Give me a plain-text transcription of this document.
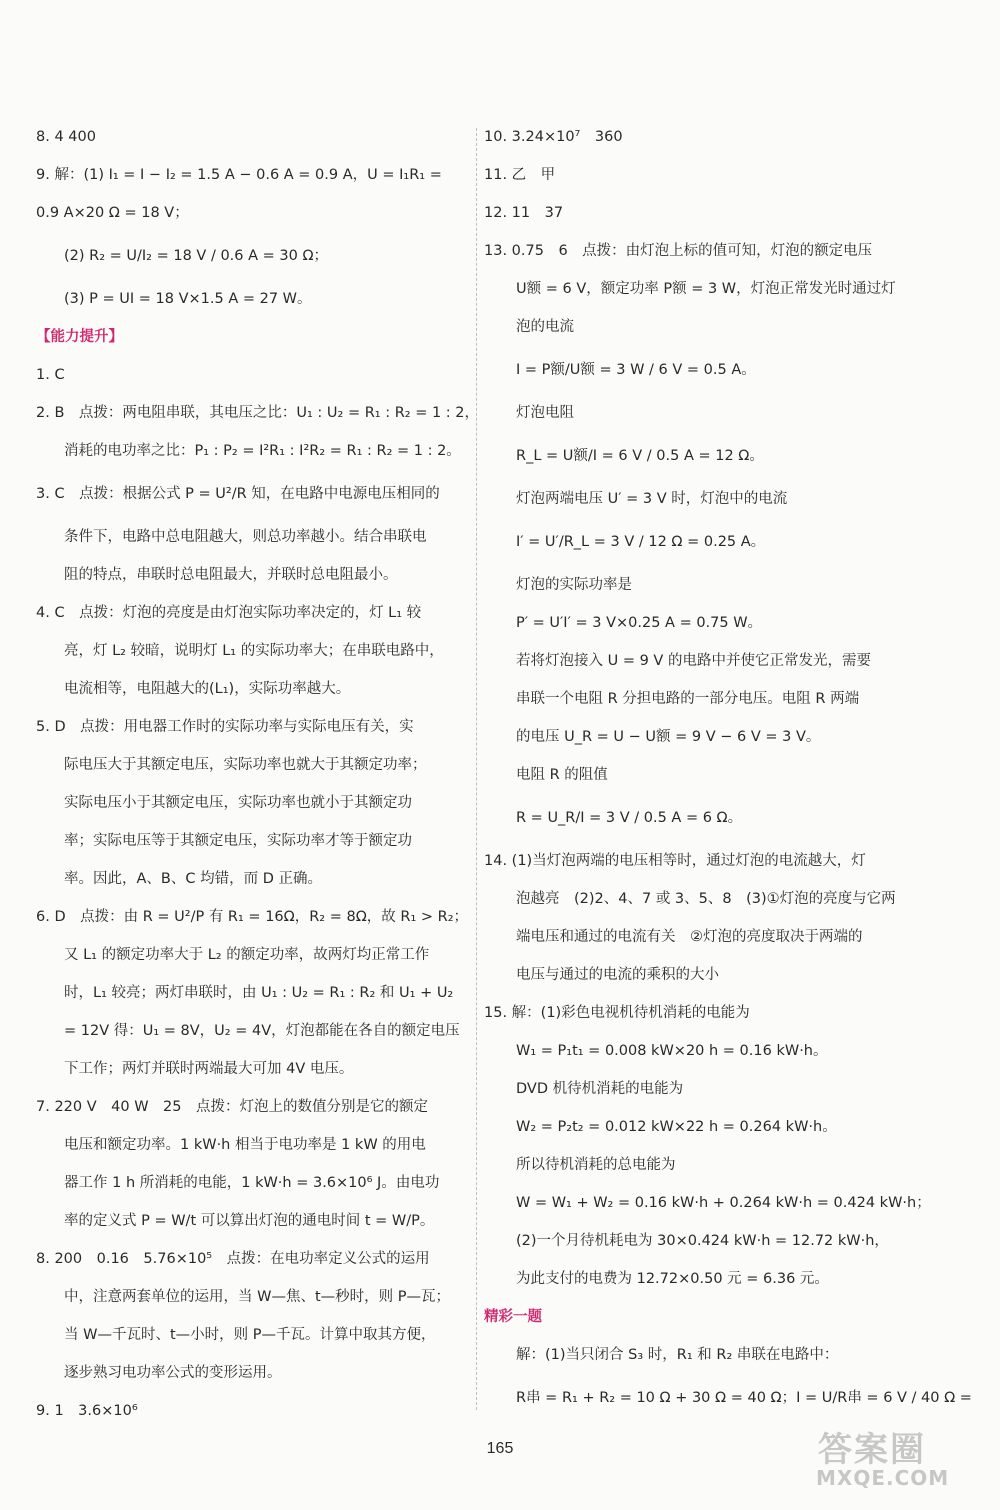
8. 4 400
9. 解：(1) I₁ = I − I₂ = 1.5 A − 0.6 A = 0.9 A，U = I₁R₁ =
0.9 A×20 Ω = 18 V；
(2) R₂ = U/I₂ = 18 V / 0.6 A = 30 Ω；
(3) P = UI = 18 V×1.5 A = 27 W。
【能力提升】
1. C
2. B　点拨：两电阻串联，其电压之比：U₁ : U₂ = R₁ : R₂ = 1 : 2，
消耗的电功率之比：P₁ : P₂ = I²R₁ : I²R₂ = R₁ : R₂ = 1 : 2。
3. C　点拨：根据公式 P = U²/R 知，在电路中电源电压相同的
条件下，电路中总电阻越大，则总功率越小。结合串联电
阻的特点，串联时总电阻最大，并联时总电阻最小。
4. C　点拨：灯泡的亮度是由灯泡实际功率决定的，灯 L₁ 较
亮，灯 L₂ 较暗，说明灯 L₁ 的实际功率大；在串联电路中，
电流相等，电阻越大的(L₁)，实际功率越大。
5. D　点拨：用电器工作时的实际功率与实际电压有关，实
际电压大于其额定电压，实际功率也就大于其额定功率；
实际电压小于其额定电压，实际功率也就小于其额定功
率；实际电压等于其额定电压，实际功率才等于额定功
率。因此，A、B、C 均错，而 D 正确。
6. D　点拨：由 R = U²/P 有 R₁ = 16Ω，R₂ = 8Ω，故 R₁ > R₂；
又 L₁ 的额定功率大于 L₂ 的额定功率，故两灯均正常工作
时，L₁ 较亮；两灯串联时，由 U₁ : U₂ = R₁ : R₂ 和 U₁ + U₂
= 12V 得：U₁ = 8V，U₂ = 4V，灯泡都能在各自的额定电压
下工作；两灯并联时两端最大可加 4V 电压。
7. 220 V　40 W　25　点拨：灯泡上的数值分别是它的额定
电压和额定功率。1 kW·h 相当于电功率是 1 kW 的用电
器工作 1 h 所消耗的电能，1 kW·h = 3.6×10⁶ J。由电功
率的定义式 P = W/t 可以算出灯泡的通电时间 t = W/P。
8. 200　0.16　5.76×10⁵　点拨：在电功率定义公式的运用
中，注意两套单位的运用，当 W—焦、t—秒时，则 P—瓦；
当 W—千瓦时、t—小时，则 P—千瓦。计算中取其方便，
逐步熟习电功率公式的变形运用。
9. 1　3.6×10⁶
10. 3.24×10⁷　360
11. 乙　甲
12. 11　37
13. 0.75　6　点拨：由灯泡上标的值可知，灯泡的额定电压
U额 = 6 V，额定功率 P额 = 3 W，灯泡正常发光时通过灯
泡的电流
I = P额/U额 = 3 W / 6 V = 0.5 A。
灯泡电阻
R_L = U额/I = 6 V / 0.5 A = 12 Ω。
灯泡两端电压 U′ = 3 V 时，灯泡中的电流
I′ = U′/R_L = 3 V / 12 Ω = 0.25 A。
灯泡的实际功率是
P′ = U′I′ = 3 V×0.25 A = 0.75 W。
若将灯泡接入 U = 9 V 的电路中并使它正常发光，需要
串联一个电阻 R 分担电路的一部分电压。电阻 R 两端
的电压 U_R = U − U额 = 9 V − 6 V = 3 V。
电阻 R 的阻值
R = U_R/I = 3 V / 0.5 A = 6 Ω。
14. (1)当灯泡两端的电压相等时，通过灯泡的电流越大，灯
泡越亮　(2)2、4、7 或 3、5、8　(3)①灯泡的亮度与它两
端电压和通过的电流有关　②灯泡的亮度取决于两端的
电压与通过的电流的乘积的大小
15. 解：(1)彩色电视机待机消耗的电能为
W₁ = P₁t₁ = 0.008 kW×20 h = 0.16 kW·h。
DVD 机待机消耗的电能为
W₂ = P₂t₂ = 0.012 kW×22 h = 0.264 kW·h。
所以待机消耗的总电能为
W = W₁ + W₂ = 0.16 kW·h + 0.264 kW·h = 0.424 kW·h；
(2)一个月待机耗电为 30×0.424 kW·h = 12.72 kW·h，
为此支付的电费为 12.72×0.50 元 = 6.36 元。
精彩一题
解：(1)当只闭合 S₃ 时，R₁ 和 R₂ 串联在电路中：
R串 = R₁ + R₂ = 10 Ω + 30 Ω = 40 Ω；I = U/R串 = 6 V / 40 Ω =
165	答案圈
MXQE.COM
